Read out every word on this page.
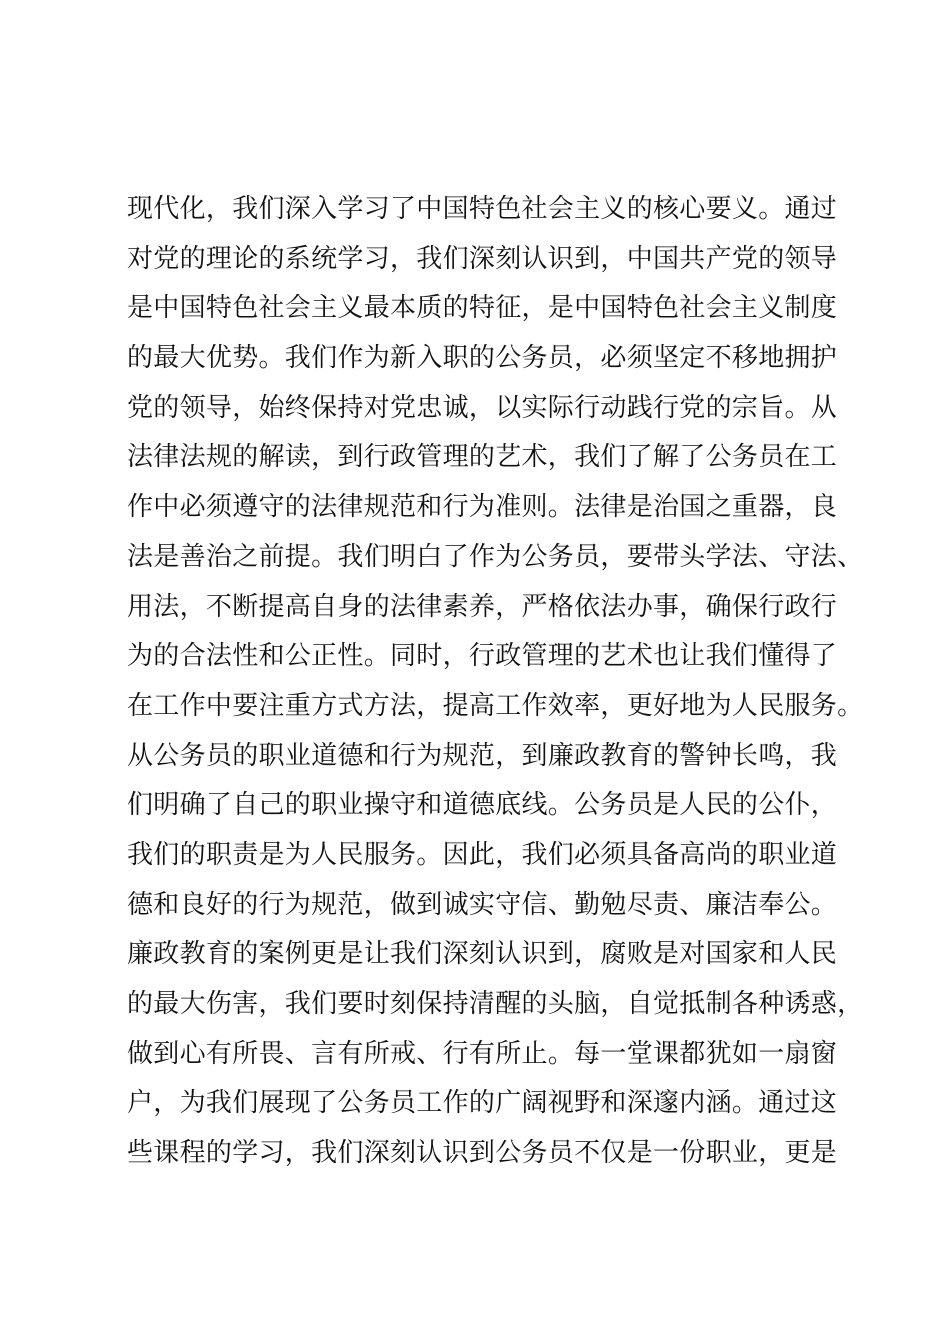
现代化，我们深入学习了中国特色社会主义的核心要义。通过
对党的理论的系统学习，我们深刻认识到，中国共产党的领导
是中国特色社会主义最本质的特征，是中国特色社会主义制度
的最大优势。我们作为新入职的公务员，必须坚定不移地拥护
党的领导，始终保持对党忠诚，以实际行动践行党的宗旨。从
法律法规的解读，到行政管理的艺术，我们了解了公务员在工
作中必须遵守的法律规范和行为准则。法律是治国之重器，良
法是善治之前提。我们明白了作为公务员，要带头学法、守法、
用法，不断提高自身的法律素养，严格依法办事，确保行政行
为的合法性和公正性。同时，行政管理的艺术也让我们懂得了
在工作中要注重方式方法，提高工作效率，更好地为人民服务。
从公务员的职业道德和行为规范，到廉政教育的警钟长鸣，我
们明确了自己的职业操守和道德底线。公务员是人民的公仆，
我们的职责是为人民服务。因此，我们必须具备高尚的职业道
德和良好的行为规范，做到诚实守信、勤勉尽责、廉洁奉公。
廉政教育的案例更是让我们深刻认识到，腐败是对国家和人民
的最大伤害，我们要时刻保持清醒的头脑，自觉抵制各种诱惑，
做到心有所畏、言有所戒、行有所止。每一堂课都犹如一扇窗
户，为我们展现了公务员工作的广阔视野和深邃内涵。通过这
些课程的学习，我们深刻认识到公务员不仅是一份职业，更是
